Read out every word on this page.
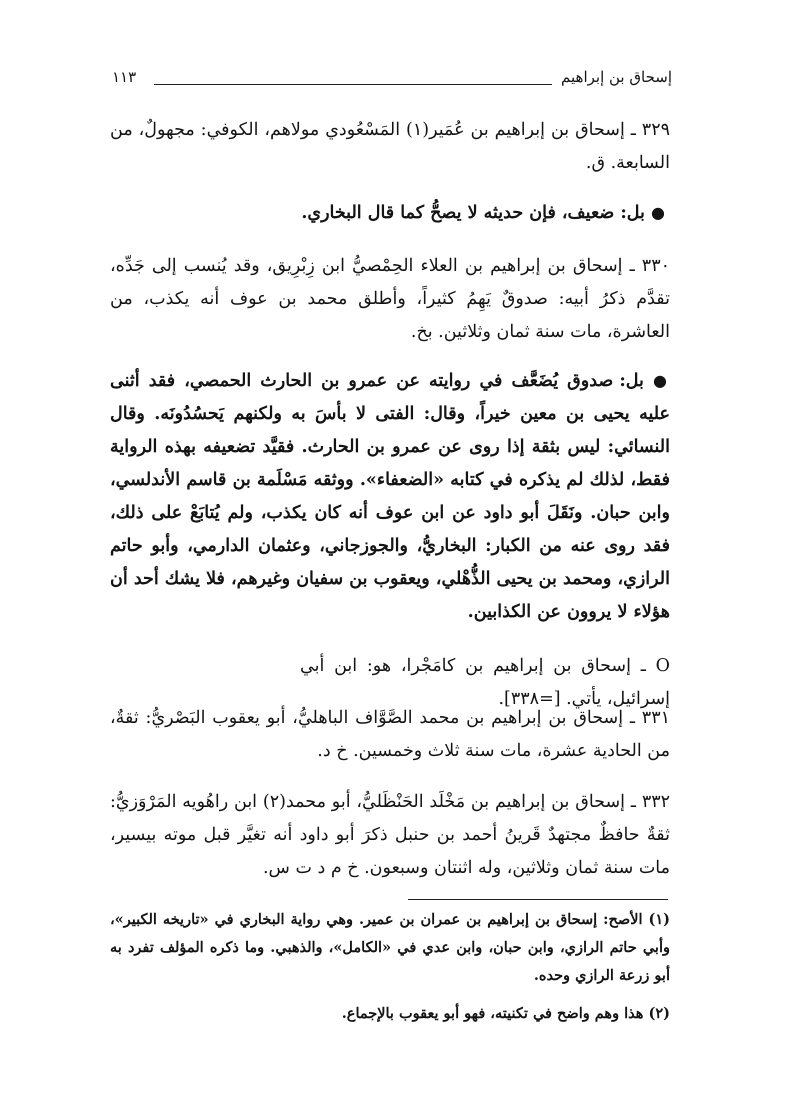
إسحاق بن إبراهيم
١١٣

٣٢٩ ـ إسحاق بن إبراهيم بن عُمَير(١) المَسْعُودي مولاهم، الكوفي: مجهولٌ، من السابعة. ق.

● بل: ضعيف، فإن حديثه لا يصحُّ كما قال البخاري.

٣٣٠ ـ إسحاق بن إبراهيم بن العلاء الحِمْصيُّ ابن زِبْرِيق، وقد يُنسب إلى جَدِّه، تقدَّم ذكرُ أبيه: صدوقٌ يَهِمُ كثيراً، وأطلق محمد بن عوف أنه يكذب، من العاشرة، مات سنة ثمان وثلاثين. بخ.

● بل: صدوق يُضَعَّف في روايته عن عمرو بن الحارث الحمصي، فقد أثنى عليه يحيى بن معين خيراً، وقال: الفتى لا بأسَ به ولكنهم يَحسُدُونَه. وقال النسائي: ليس بثقة إذا روى عن عمرو بن الحارث. فقيَّد تضعيفه بهذه الرواية فقط، لذلك لم يذكره في كتابه «الضعفاء». ووثقه مَسْلَمة بن قاسم الأندلسي، وابن حبان. ونَقَلَ أبو داود عن ابن عوف أنه كان يكذب، ولم يُتابَعْ على ذلك، فقد روى عنه من الكبار: البخاريُّ، والجوزجاني، وعثمان الدارمي، وأبو حاتم الرازي، ومحمد بن يحيى الذُّهْلي، ويعقوب بن سفيان وغيرهم، فلا يشك أحد أن هؤلاء لا يروون عن الكذابين.

O ـ إسحاق بن إبراهيم بن كامَجْرا، هو: ابن أبي إسرائيل، يأتي. [=٣٣٨].

٣٣١ ـ إسحاق بن إبراهيم بن محمد الصَّوَّاف الباهليُّ، أبو يعقوب البَصْريُّ: ثقةٌ، من الحادية عشرة، مات سنة ثلاث وخمسين. خ د.

٣٣٢ ـ إسحاق بن إبراهيم بن مَخْلَد الحَنْظَليُّ، أبو محمد(٢) ابن راهُويه المَرْوَزيُّ: ثقةٌ حافظٌ مجتهدٌ قَرينُ أحمد بن حنبل ذكرَ أبو داود أنه تغيَّر قبل موته بيسير، مات سنة ثمان وثلاثين، وله اثنتان وسبعون. خ م د ت س.

(١) الأصح: إسحاق بن إبراهيم بن عمران بن عمير. وهي رواية البخاري في «تاريخه الكبير»، وأبي حاتم الرازي، وابن حبان، وابن عدي في «الكامل»، والذهبي. وما ذكره المؤلف تفرد به أبو زرعة الرازي وحده.

(٢) هذا وهم واضح في تكنيته، فهو أبو يعقوب بالإجماع.
